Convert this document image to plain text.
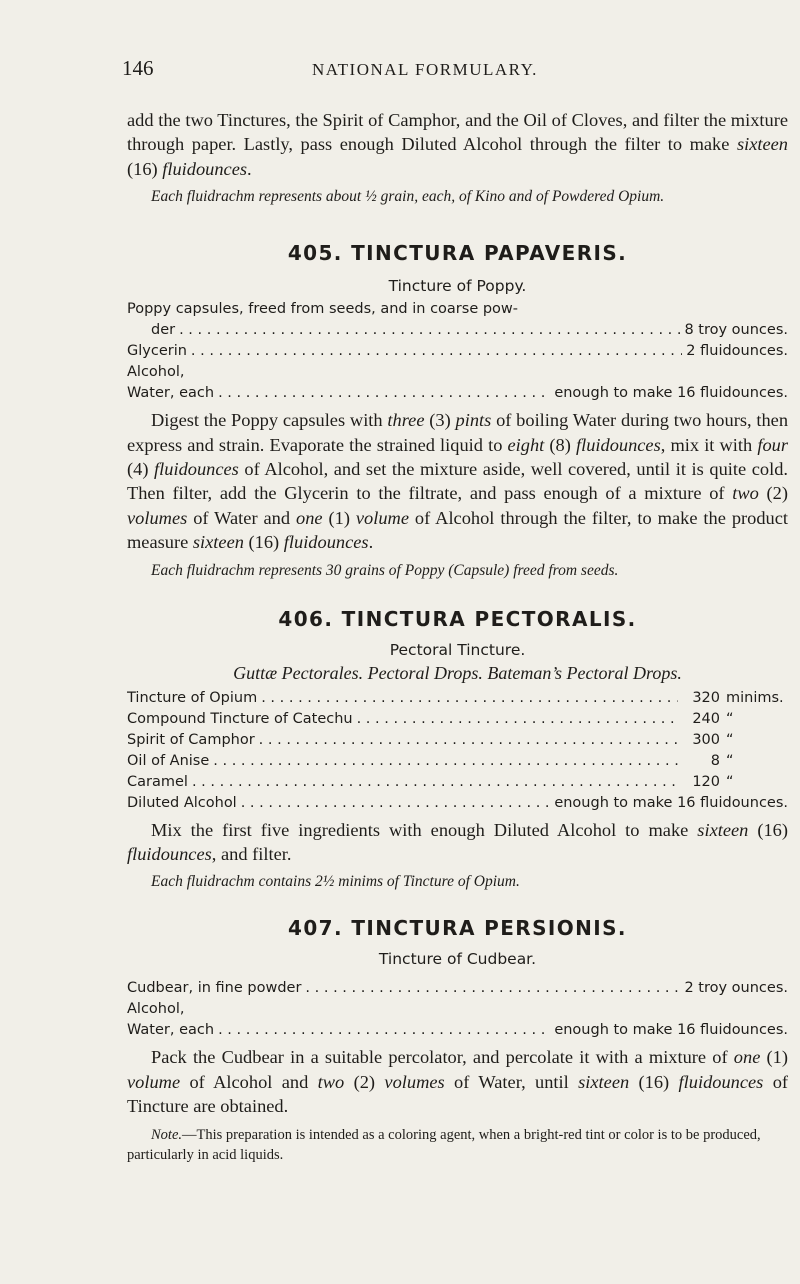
146	NATIONAL FORMULARY.

add the two Tinctures, the Spirit of Camphor, and the Oil of Cloves, and filter the mixture through paper. Lastly, pass enough Diluted Alcohol through the filter to make sixteen (16) fluidounces.

Each fluidrachm represents about ½ grain, each, of Kino and of Powdered Opium.

405. TINCTURA PAPAVERIS.

Tincture of Poppy.

Poppy capsules, freed from seeds, and in coarse pow-
der . . .	8 troy ounces.
Glycerin . . .	2 fluidounces.
Alcohol,
Water, each . . .	enough to make 16 fluidounces.

Digest the Poppy capsules with three (3) pints of boiling Water during two hours, then express and strain. Evaporate the strained liquid to eight (8) fluidounces, mix it with four (4) fluidounces of Alcohol, and set the mixture aside, well covered, until it is quite cold. Then filter, add the Glycerin to the filtrate, and pass enough of a mixture of two (2) volumes of Water and one (1) volume of Alcohol through the filter, to make the product measure sixteen (16) fluidounces.

Each fluidrachm represents 30 grains of Poppy (Capsule) freed from seeds.

406. TINCTURA PECTORALIS.

Pectoral Tincture.

Guttæ Pectorales. Pectoral Drops. Bateman’s Pectoral Drops.

Tincture of Opium . . .	320 minims.
Compound Tincture of Catechu . . .	240 “
Spirit of Camphor . . .	300 “
Oil of Anise . . .	8 “
Caramel . . .	120 “
Diluted Alcohol . . .	enough to make 16 fluidounces.

Mix the first five ingredients with enough Diluted Alcohol to make sixteen (16) fluidounces, and filter.

Each fluidrachm contains 2½ minims of Tincture of Opium.

407. TINCTURA PERSIONIS.

Tincture of Cudbear.

Cudbear, in fine powder . . .	2 troy ounces.
Alcohol,
Water, each . . .	enough to make 16 fluidounces.

Pack the Cudbear in a suitable percolator, and percolate it with a mixture of one (1) volume of Alcohol and two (2) volumes of Water, until sixteen (16) fluidounces of Tincture are obtained.

Note.—This preparation is intended as a coloring agent, when a bright-red tint or color is to be produced, particularly in acid liquids.
